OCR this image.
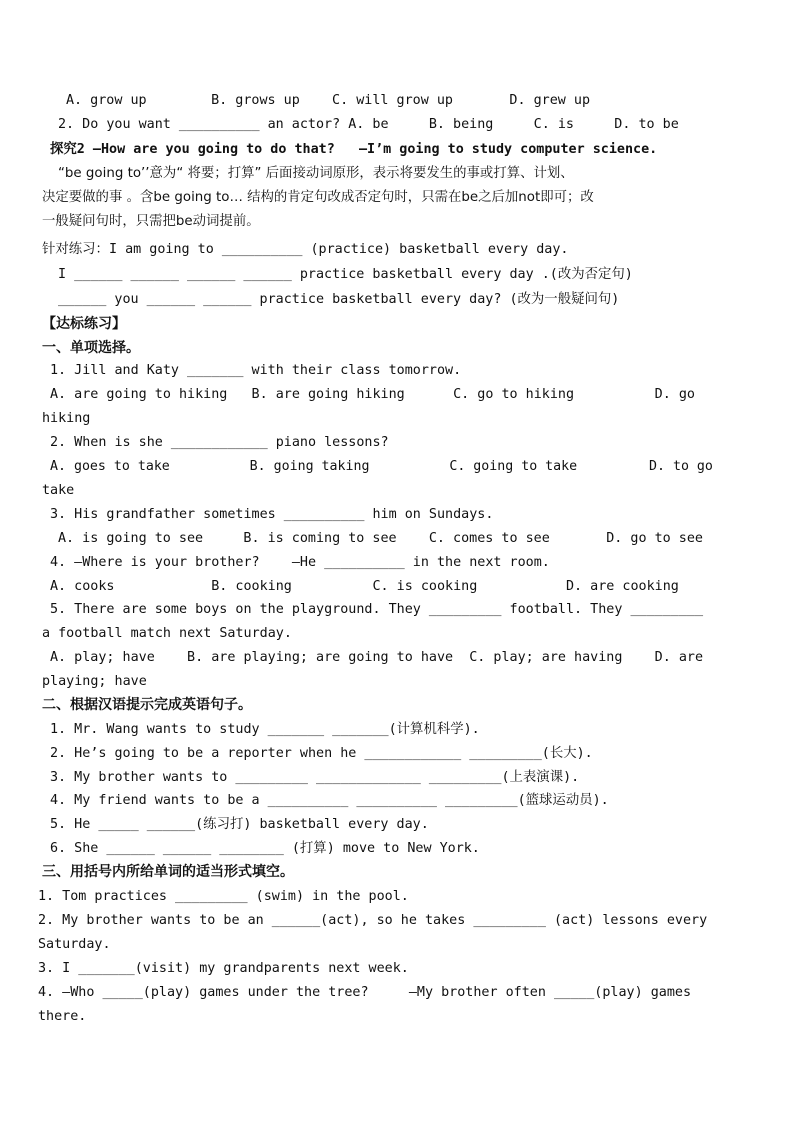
A. grow up        B. grows up    C. will grow up       D. grew up
2. Do you want __________ an actor? A. be     B. being     C. is     D. to be
探究2 —How are you going to do that?   —I’m going to study computer science.
“be going to’’意为“ 将要；打算” 后面接动词原形，表示将要发生的事或打算、计划、
决定要做的事 。含be going to… 结构的肯定句改成否定句时，只需在be之后加not即可；改
一般疑问句时，只需把be动词提前。
针对练习：I am going to __________ (practice) basketball every day.
I ______ ______ ______ ______ practice basketball every day .(改为否定句)
______ you ______ ______ practice basketball every day? (改为一般疑问句)
【达标练习】
一、单项选择。
1. Jill and Katy _______ with their class tomorrow.
A. are going to hiking   B. are going hiking      C. go to hiking          D. go
hiking
2. When is she ____________ piano lessons?
A. goes to take          B. going taking          C. going to take         D. to go
take
3. His grandfather sometimes __________ him on Sundays.
A. is going to see     B. is coming to see    C. comes to see       D. go to see
4. —Where is your brother?    —He __________ in the next room.
A. cooks            B. cooking          C. is cooking           D. are cooking
5. There are some boys on the playground. They _________ football. They _________
a football match next Saturday.
A. play; have    B. are playing; are going to have  C. play; are having    D. are
playing; have
二、根据汉语提示完成英语句子。
1. Mr. Wang wants to study _______ _______(计算机科学).
2. He’s going to be a reporter when he ____________ _________(长大).
3. My brother wants to _________ _____________ _________(上表演课).
4. My friend wants to be a __________ __________ _________(篮球运动员).
5. He _____ ______(练习打) basketball every day.
6. She ______ ______ ________ (打算) move to New York.
三、用括号内所给单词的适当形式填空。
1. Tom practices _________ (swim) in the pool.
2. My brother wants to be an ______(act), so he takes _________ (act) lessons every
Saturday.
3. I _______(visit) my grandparents next week.
4. —Who _____(play) games under the tree?     —My brother often _____(play) games
there.
